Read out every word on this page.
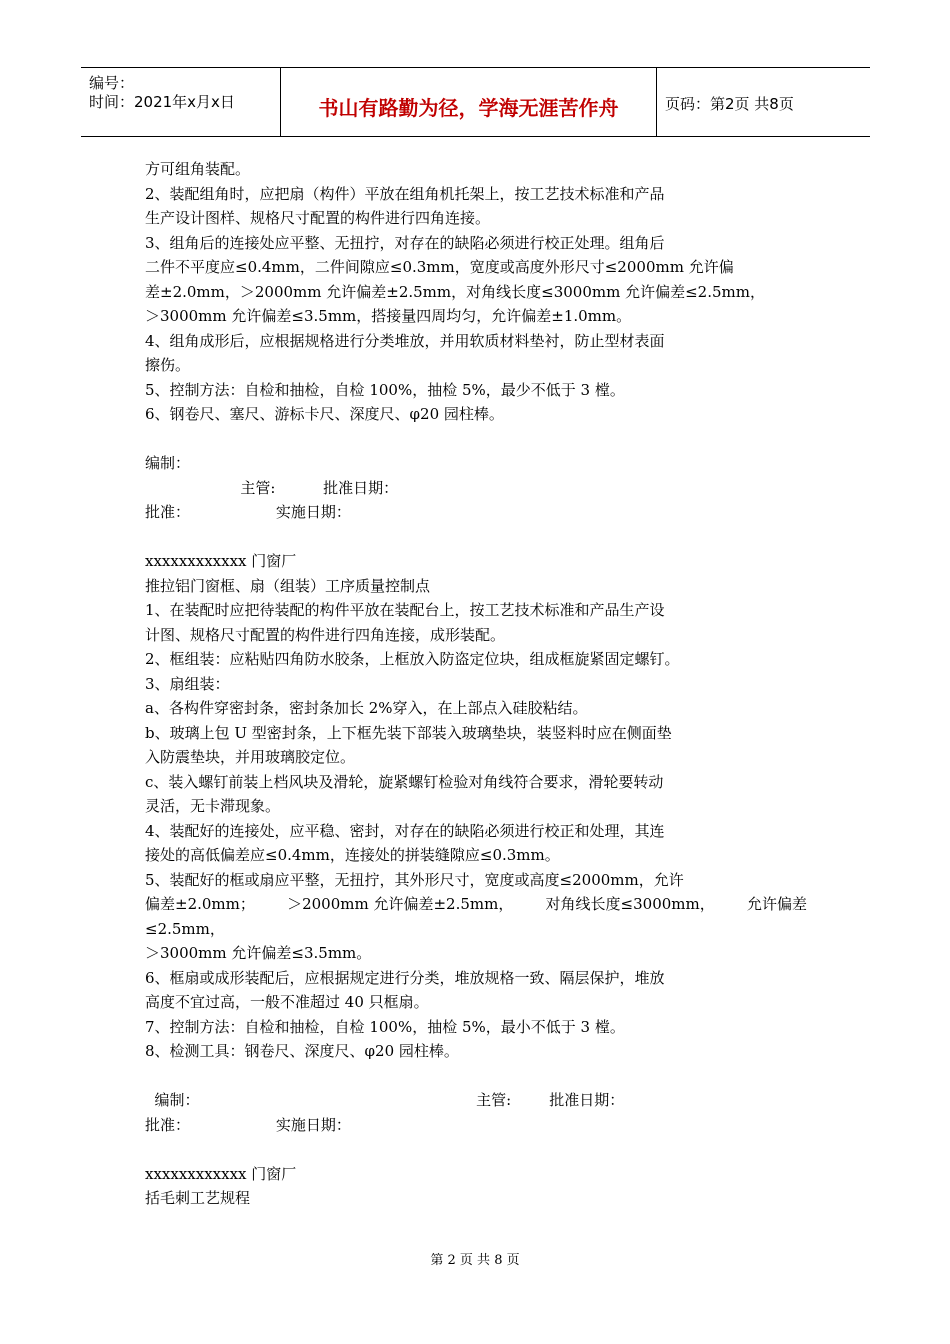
编号：
时间：2021年x月x日	书山有路勤为径，学海无涯苦作舟	页码：第2页 共8页
方可组角装配。
2、装配组角时，应把扇（构件）平放在组角机托架上，按工艺技术标准和产品
生产设计图样、规格尺寸配置的构件进行四角连接。
3、组角后的连接处应平整、无扭拧，对存在的缺陷必须进行校正处理。组角后
二件不平度应≤0.4mm，二件间隙应≤0.3mm，宽度或高度外形尺寸≤2000mm 允许偏
差±2.0mm，＞2000mm 允许偏差±2.5mm，对角线长度≤3000mm 允许偏差≤2.5mm，
＞3000mm 允许偏差≤3.5mm，搭接量四周均匀，允许偏差±1.0mm。
4、组角成形后，应根据规格进行分类堆放，并用软质材料垫衬，防止型材表面
擦伤。
5、控制方法：自检和抽检，自检 100%，抽检 5%，最少不低于 3 樘。
6、钢卷尺、塞尺、游标卡尺、深度尺、φ20 园柱棒。
编制：
主管:          批准日期：
批准：                  实施日期：
xxxxxxxxxxxx 门窗厂
推拉铝门窗框、扇（组装）工序质量控制点
1、在装配时应把待装配的构件平放在装配台上，按工艺技术标准和产品生产设
计图、规格尺寸配置的构件进行四角连接，成形装配。
2、框组装：应粘贴四角防水胶条，上框放入防盗定位块，组成框旋紧固定螺钉。
3、扇组装：
a、各构件穿密封条，密封条加长 2%穿入，在上部点入硅胶粘结。
b、玻璃上包 U 型密封条，上下框先装下部装入玻璃垫块，装竖料时应在侧面垫
入防震垫块，并用玻璃胶定位。
c、装入螺钉前装上档风块及滑轮，旋紧螺钉检验对角线符合要求，滑轮要转动
灵活，无卡滞现象。
4、装配好的连接处，应平稳、密封，对存在的缺陷必须进行校正和处理，其连
接处的高低偏差应≤0.4mm，连接处的拼装缝隙应≤0.3mm。
5、装配好的框或扇应平整，无扭拧，其外形尺寸，宽度或高度≤2000mm，允许
偏差±2.0mm； ＞2000mm 允许偏差±2.5mm， 对角线长度≤3000mm， 允许偏差
≤2.5mm，
＞3000mm 允许偏差≤3.5mm。
6、框扇或成形装配后，应根据规定进行分类，堆放规格一致、隔层保护，堆放
高度不宜过高，一般不准超过 40 只框扇。
7、控制方法：自检和抽检，自检 100%，抽检 5%，最小不低于 3 樘。
8、检测工具：钢卷尺、深度尺、φ20 园柱棒。
编制：                                                          主管:        批准日期：
批准：                  实施日期：
xxxxxxxxxxxx 门窗厂
括毛刺工艺规程
第 2 页 共 8 页
